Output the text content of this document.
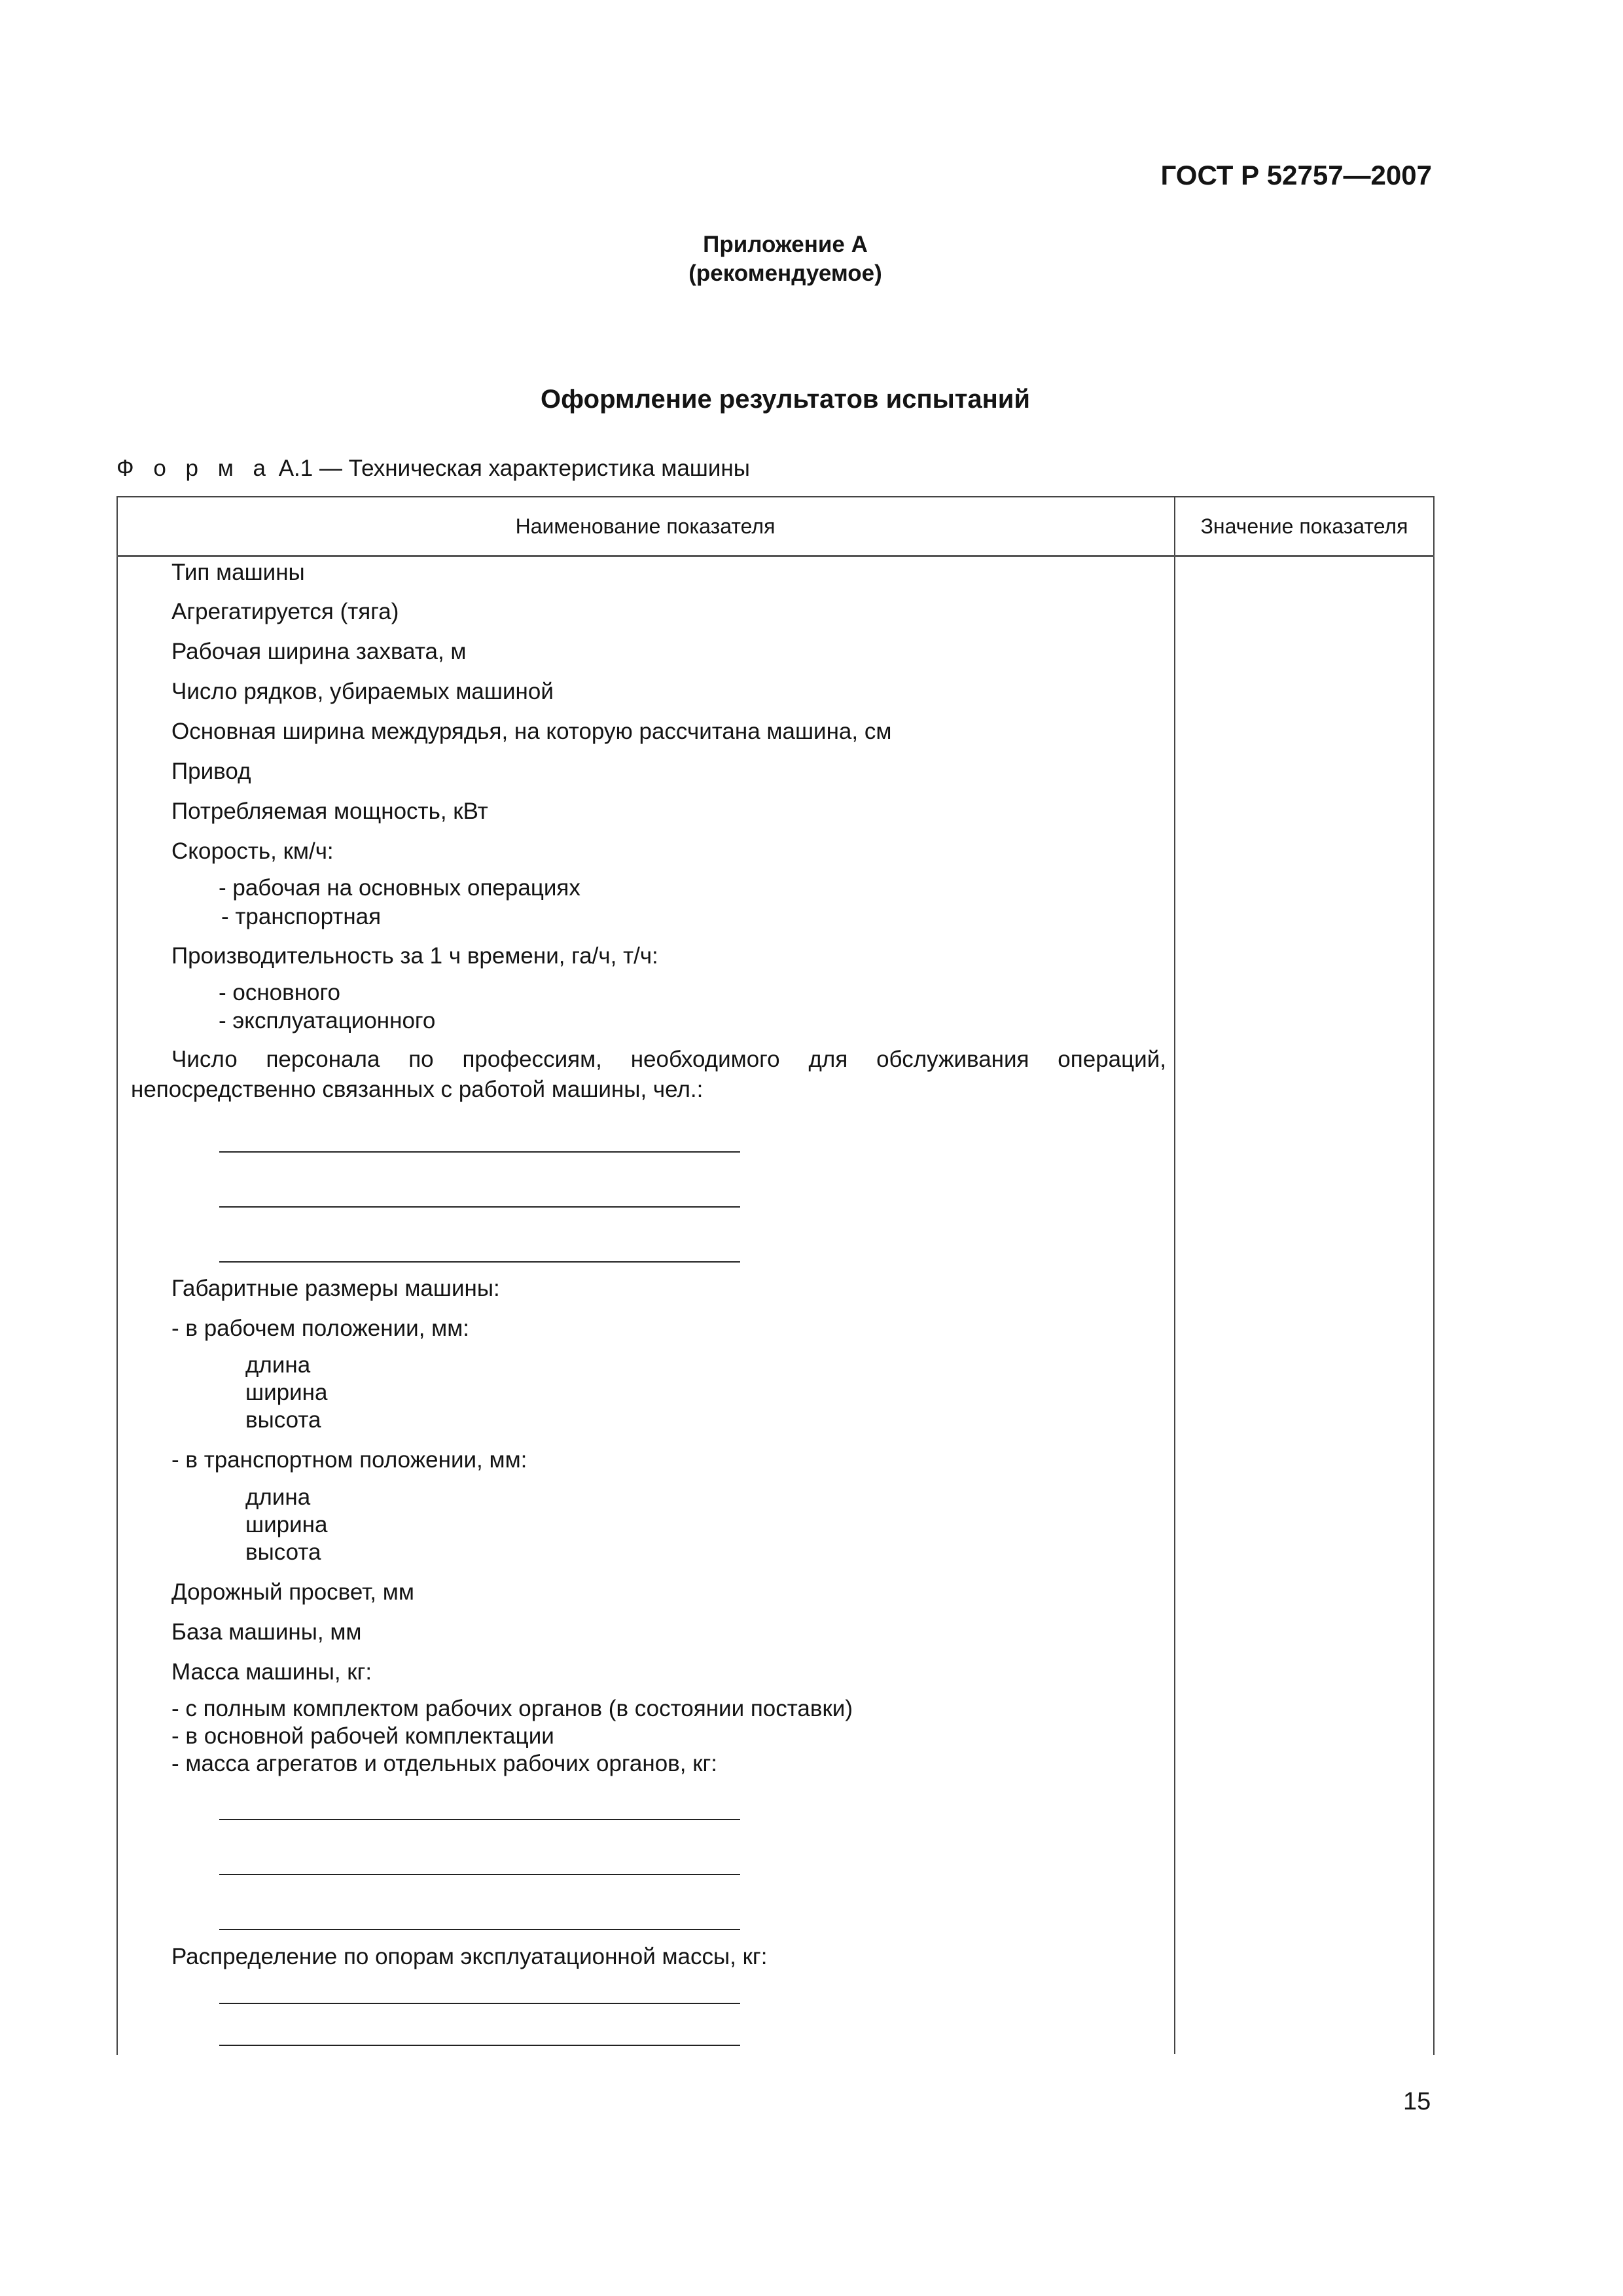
ГОСТ Р 52757—2007
Приложение А
(рекомендуемое)
Оформление результатов испытаний
Ф о р м а А.1 — Техническая характеристика машины
Наименование показателя	Значение показателя
Тип машины
Агрегатируется (тяга)
Рабочая ширина захвата, м
Число рядков, убираемых машиной
Основная ширина междурядья, на которую рассчитана машина, см
Привод
Потребляемая мощность, кВт
Скорость, км/ч:
- рабочая на основных операциях
- транспортная
Производительность за 1 ч времени, га/ч, т/ч:
- основного
- эксплуатационного
Число персонала по профессиям, необходимого для обслуживания операций,
непосредственно связанных с работой машины, чел.:
Габаритные размеры машины:
- в рабочем положении, мм:
длина
ширина
высота
- в транспортном положении, мм:
длина
ширина
высота
Дорожный просвет, мм
База машины, мм
Масса машины, кг:
- с полным комплектом рабочих органов (в состоянии поставки)
- в основной рабочей комплектации
- масса агрегатов и отдельных рабочих органов, кг:
Распределение по опорам эксплуатационной массы, кг:
15
